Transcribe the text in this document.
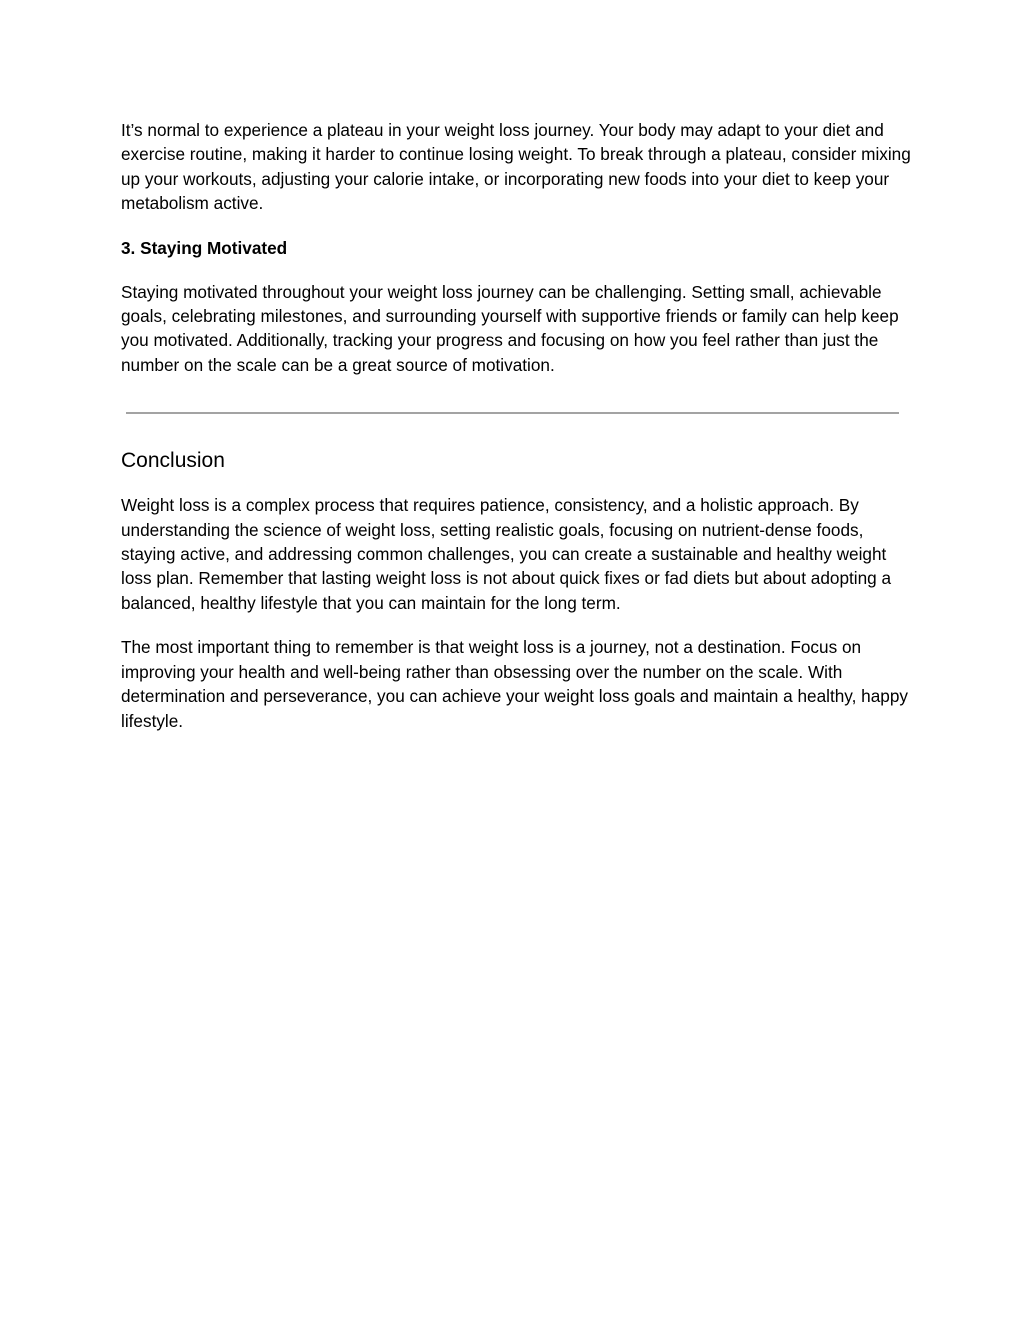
It’s normal to experience a plateau in your weight loss journey. Your body may adapt to your diet and exercise routine, making it harder to continue losing weight. To break through a plateau, consider mixing up your workouts, adjusting your calorie intake, or incorporating new foods into your diet to keep your metabolism active.

3. Staying Motivated

Staying motivated throughout your weight loss journey can be challenging. Setting small, achievable goals, celebrating milestones, and surrounding yourself with supportive friends or family can help keep you motivated. Additionally, tracking your progress and focusing on how you feel rather than just the number on the scale can be a great source of motivation.

Conclusion

Weight loss is a complex process that requires patience, consistency, and a holistic approach. By understanding the science of weight loss, setting realistic goals, focusing on nutrient-dense foods, staying active, and addressing common challenges, you can create a sustainable and healthy weight loss plan. Remember that lasting weight loss is not about quick fixes or fad diets but about adopting a balanced, healthy lifestyle that you can maintain for the long term.

The most important thing to remember is that weight loss is a journey, not a destination. Focus on improving your health and well-being rather than obsessing over the number on the scale. With determination and perseverance, you can achieve your weight loss goals and maintain a healthy, happy lifestyle.
